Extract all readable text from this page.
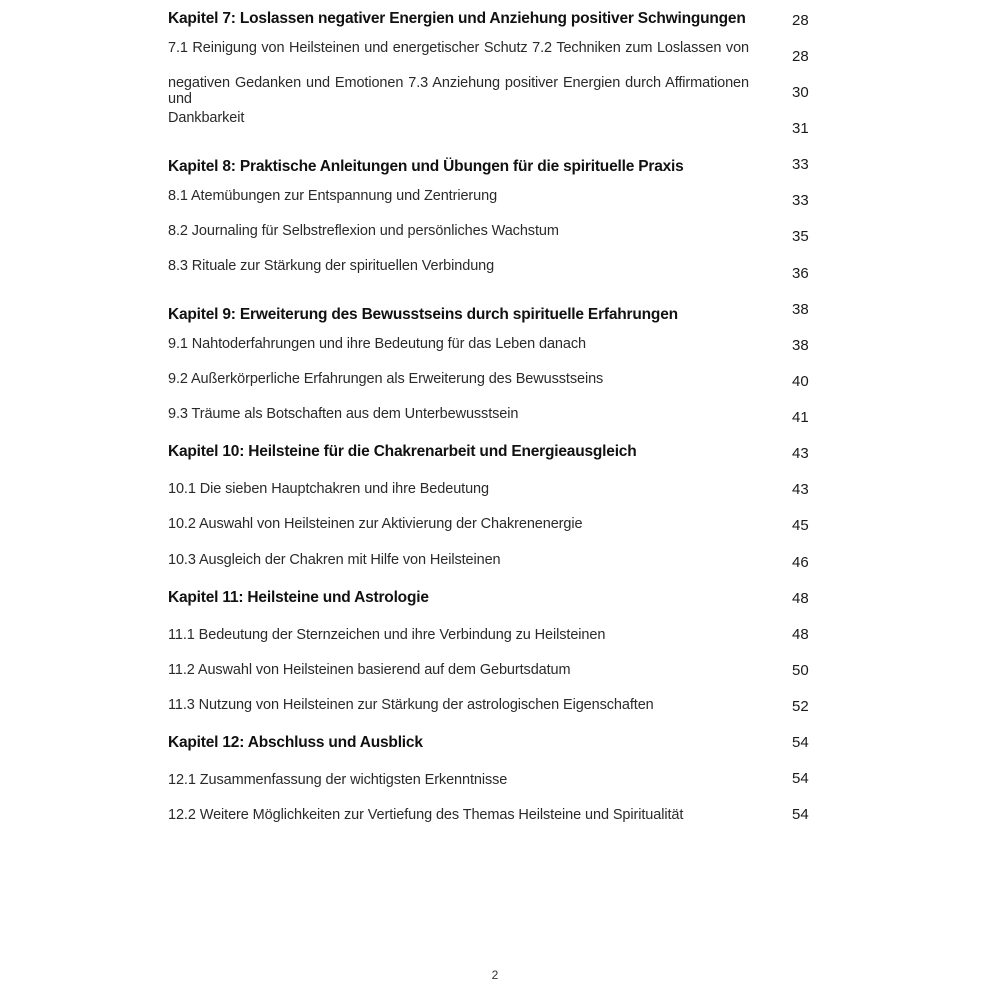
Kapitel 7: Loslassen negativer Energien und Anziehung positiver Schwingungen
7.1 Reinigung von Heilsteinen und energetischer Schutz 7.2 Techniken zum Loslassen von
negativen Gedanken und Emotionen 7.3 Anziehung positiver Energien durch Affirmationen und
Dankbarkeit
Kapitel 8: Praktische Anleitungen und Übungen für die spirituelle Praxis
8.1 Atemübungen zur Entspannung und Zentrierung
8.2 Journaling für Selbstreflexion und persönliches Wachstum
8.3 Rituale zur Stärkung der spirituellen Verbindung
Kapitel 9: Erweiterung des Bewusstseins durch spirituelle Erfahrungen
9.1 Nahtoderfahrungen und ihre Bedeutung für das Leben danach
9.2 Außerkörperliche Erfahrungen als Erweiterung des Bewusstseins
9.3 Träume als Botschaften aus dem Unterbewusstsein
Kapitel 10: Heilsteine für die Chakrenarbeit und Energieausgleich
10.1 Die sieben Hauptchakren und ihre Bedeutung
10.2 Auswahl von Heilsteinen zur Aktivierung der Chakrenenergie
10.3 Ausgleich der Chakren mit Hilfe von Heilsteinen
Kapitel 11: Heilsteine und Astrologie
11.1 Bedeutung der Sternzeichen und ihre Verbindung zu Heilsteinen
11.2 Auswahl von Heilsteinen basierend auf dem Geburtsdatum
11.3 Nutzung von Heilsteinen zur Stärkung der astrologischen Eigenschaften
Kapitel 12: Abschluss und Ausblick
12.1 Zusammenfassung der wichtigsten Erkenntnisse
12.2 Weitere Möglichkeiten zur Vertiefung des Themas Heilsteine und Spiritualität
28
28
30
31
33
33
35
36
38
38
40
41
43
43
45
46
48
48
50
52
54
54
54
2
